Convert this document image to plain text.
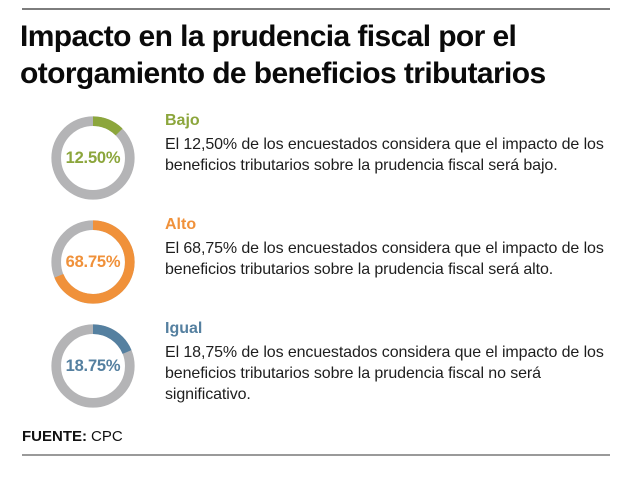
Impacto en la prudencia fiscal por el
otorgamiento de beneficios tributarios
12.50%

Bajo

El 12,50% de los encuestados considera que el impacto de los beneficios tributarios sobre la prudencia fiscal será bajo.

68.75%

Alto

El 68,75% de los encuestados considera que el impacto de los beneficios tributarios sobre la prudencia fiscal será alto.

18.75%

Igual

El 18,75% de los encuestados considera que el impacto de los beneficios tributarios sobre la prudencia fiscal no será significativo.

FUENTE: CPC
